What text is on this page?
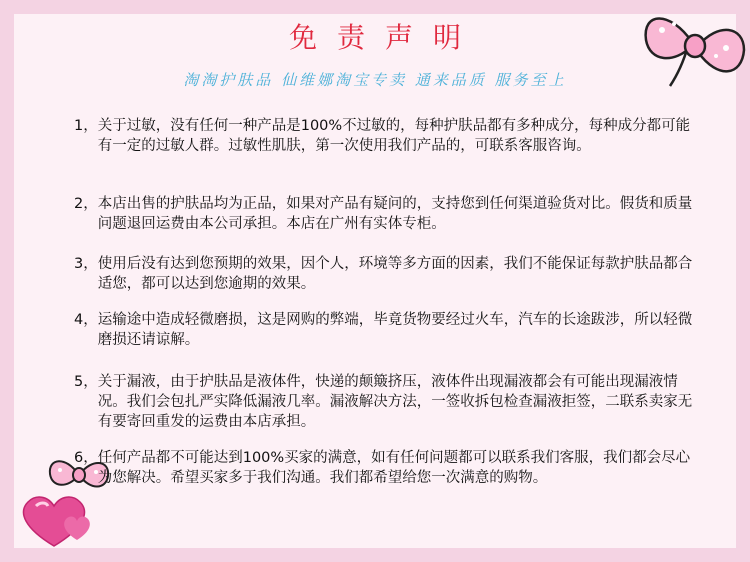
免责声明
淘淘护肤品 仙维娜淘宝专卖 通来品质 服务至上
1， 关于过敏，没有任何一种产品是100%不过敏的，每种护肤品都有多种成分，每种成分都可能有一定的过敏人群。过敏性肌肤，第一次使用我们产品的，可联系客服咨询。
2， 本店出售的护肤品均为正品，如果对产品有疑问的，支持您到任何渠道验货对比。假货和质量问题退回运费由本公司承担。本店在广州有实体专柜。
3， 使用后没有达到您预期的效果，因个人，环境等多方面的因素，我们不能保证每款护肤品都合适您，都可以达到您逾期的效果。
4， 运输途中造成轻微磨损，这是网购的弊端，毕竟货物要经过火车，汽车的长途跋涉，所以轻微磨损还请谅解。
5， 关于漏液，由于护肤品是液体件，快递的颠簸挤压，液体件出现漏液都会有可能出现漏液情况。我们会包扎严实降低漏液几率。漏液解决方法，一签收拆包检查漏液拒签，二联系卖家无有要寄回重发的运费由本店承担。
6， 任何产品都不可能达到100%买家的满意，如有任何问题都可以联系我们客服，我们都会尽心为您解决。希望买家多于我们沟通。我们都希望给您一次满意的购物。
